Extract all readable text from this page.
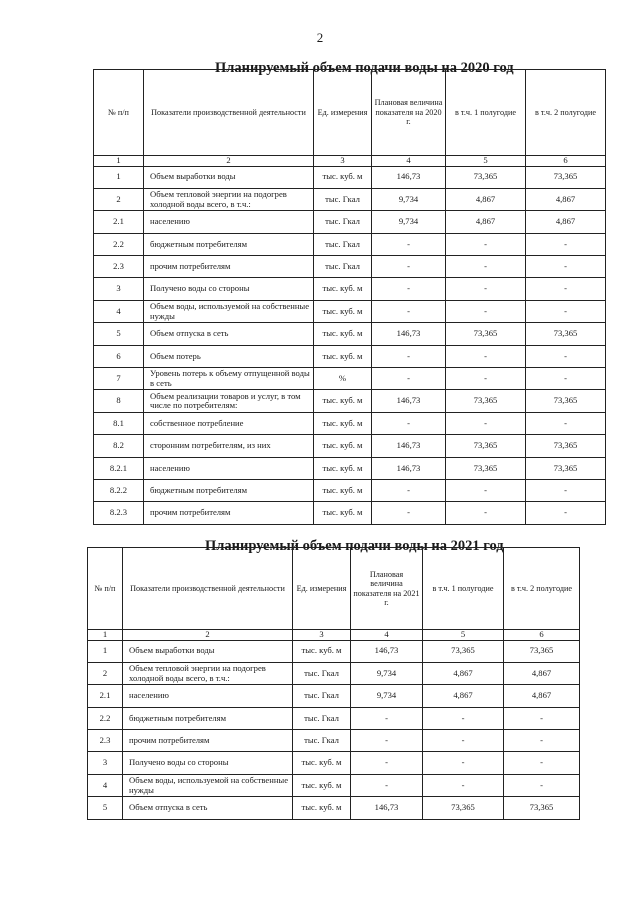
2
Планируемый объем подачи воды на 2020 год
№ п/п	Показатели производственной деятельности	Ед. измерения	Плановая величина показателя на 2020 г.	в т.ч. 1 полугодие	в т.ч. 2 полугодие
1	2	3	4	5	6
1	Объем выработки воды	тыс. куб. м	146,73	73,365	73,365
2	Объем тепловой энергии на подогрев холодной воды всего, в т.ч.:	тыс. Гкал	9,734	4,867	4,867
2.1	населению	тыс. Гкал	9,734	4,867	4,867
2.2	бюджетным потребителям	тыс. Гкал	-	-	-
2.3	прочим потребителям	тыс. Гкал	-	-	-
3	Получено воды со стороны	тыс. куб. м	-	-	-
4	Объем воды, используемой на собственные нужды	тыс. куб. м	-	-	-
5	Объем отпуска в сеть	тыс. куб. м	146,73	73,365	73,365
6	Объем потерь	тыс. куб. м	-	-	-
7	Уровень потерь к объему отпущенной воды в сеть	%	-	-	-
8	Объем реализации товаров и услуг, в том числе по потребителям:	тыс. куб. м	146,73	73,365	73,365
8.1	собственное потребление	тыс. куб. м	-	-	-
8.2	сторонним потребителям, из них	тыс. куб. м	146,73	73,365	73,365
8.2.1	населению	тыс. куб. м	146,73	73,365	73,365
8.2.2	бюджетным потребителям	тыс. куб. м	-	-	-
8.2.3	прочим потребителям	тыс. куб. м	-	-	-
Планируемый объем подачи воды на 2021 год
№ п/п	Показатели производственной деятельности	Ед. измерения	Плановая величина показателя на 2021 г.	в т.ч. 1 полугодие	в т.ч. 2 полугодие
1	2	3	4	5	6
1	Объем выработки воды	тыс. куб. м	146,73	73,365	73,365
2	Объем тепловой энергии на подогрев холодной воды всего, в т.ч.:	тыс. Гкал	9,734	4,867	4,867
2.1	населению	тыс. Гкал	9,734	4,867	4,867
2.2	бюджетным потребителям	тыс. Гкал	-	-	-
2.3	прочим потребителям	тыс. Гкал	-	-	-
3	Получено воды со стороны	тыс. куб. м	-	-	-
4	Объем воды, используемой на собственные нужды	тыс. куб. м	-	-	-
5	Объем отпуска в сеть	тыс. куб. м	146,73	73,365	73,365
